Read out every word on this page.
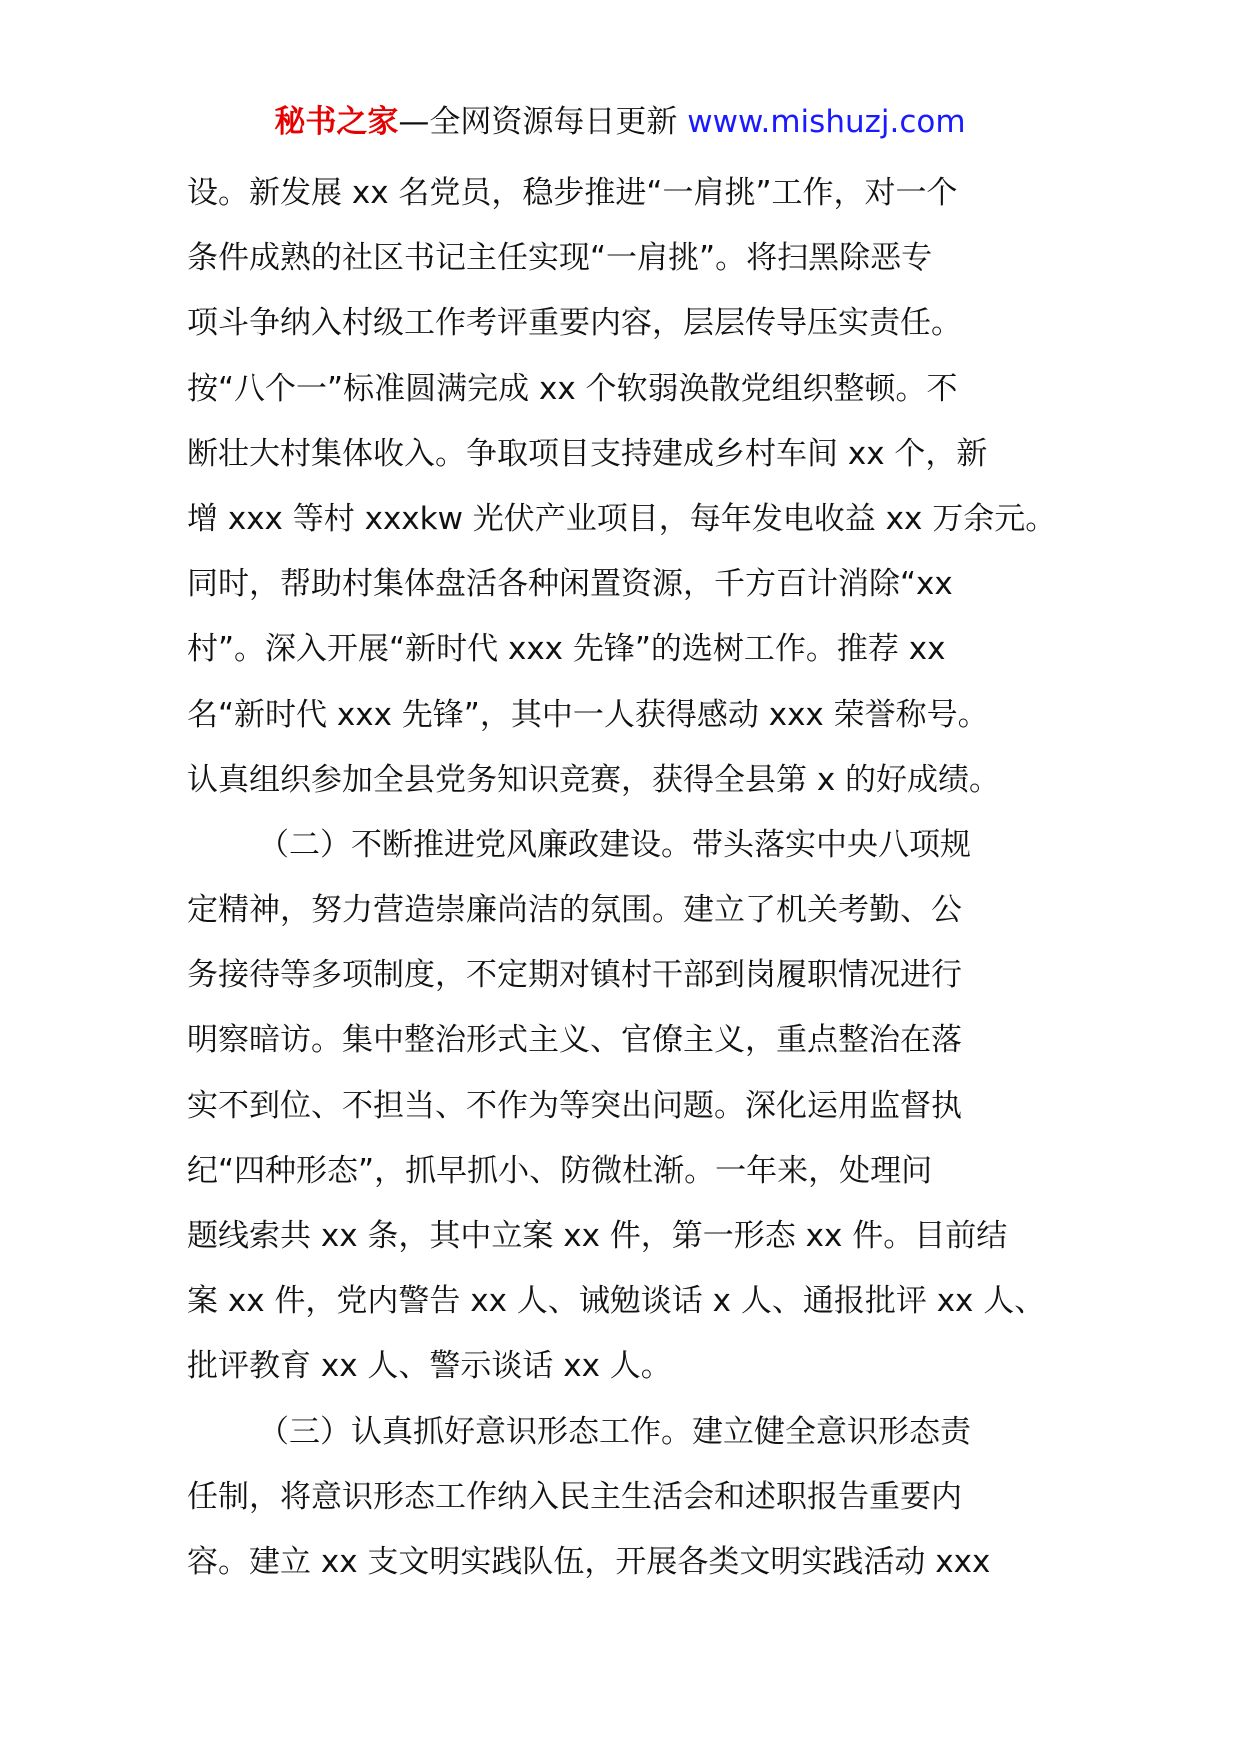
秘书之家—全网资源每日更新 www.mishuzj.com
设。新发展 xx 名党员，稳步推进“一肩挑”工作，对一个
条件成熟的社区书记主任实现“一肩挑”。将扫黑除恶专
项斗争纳入村级工作考评重要内容，层层传导压实责任。
按“八个一”标准圆满完成 xx 个软弱涣散党组织整顿。不
断壮大村集体收入。争取项目支持建成乡村车间 xx 个，新
增 xxx 等村 xxxkw 光伏产业项目，每年发电收益 xx 万余元。
同时，帮助村集体盘活各种闲置资源，千方百计消除“xx
村”。深入开展“新时代 xxx 先锋”的选树工作。推荐 xx
名“新时代 xxx 先锋”，其中一人获得感动 xxx 荣誉称号。
认真组织参加全县党务知识竞赛，获得全县第 x 的好成绩。
（二）不断推进党风廉政建设。带头落实中央八项规
定精神，努力营造崇廉尚洁的氛围。建立了机关考勤、公
务接待等多项制度，不定期对镇村干部到岗履职情况进行
明察暗访。集中整治形式主义、官僚主义，重点整治在落
实不到位、不担当、不作为等突出问题。深化运用监督执
纪“四种形态”，抓早抓小、防微杜渐。一年来，处理问
题线索共 xx 条，其中立案 xx 件，第一形态 xx 件。目前结
案 xx 件，党内警告 xx 人、诫勉谈话 x 人、通报批评 xx 人、
批评教育 xx 人、警示谈话 xx 人。
（三）认真抓好意识形态工作。建立健全意识形态责
任制，将意识形态工作纳入民主生活会和述职报告重要内
容。建立 xx 支文明实践队伍，开展各类文明实践活动 xxx
